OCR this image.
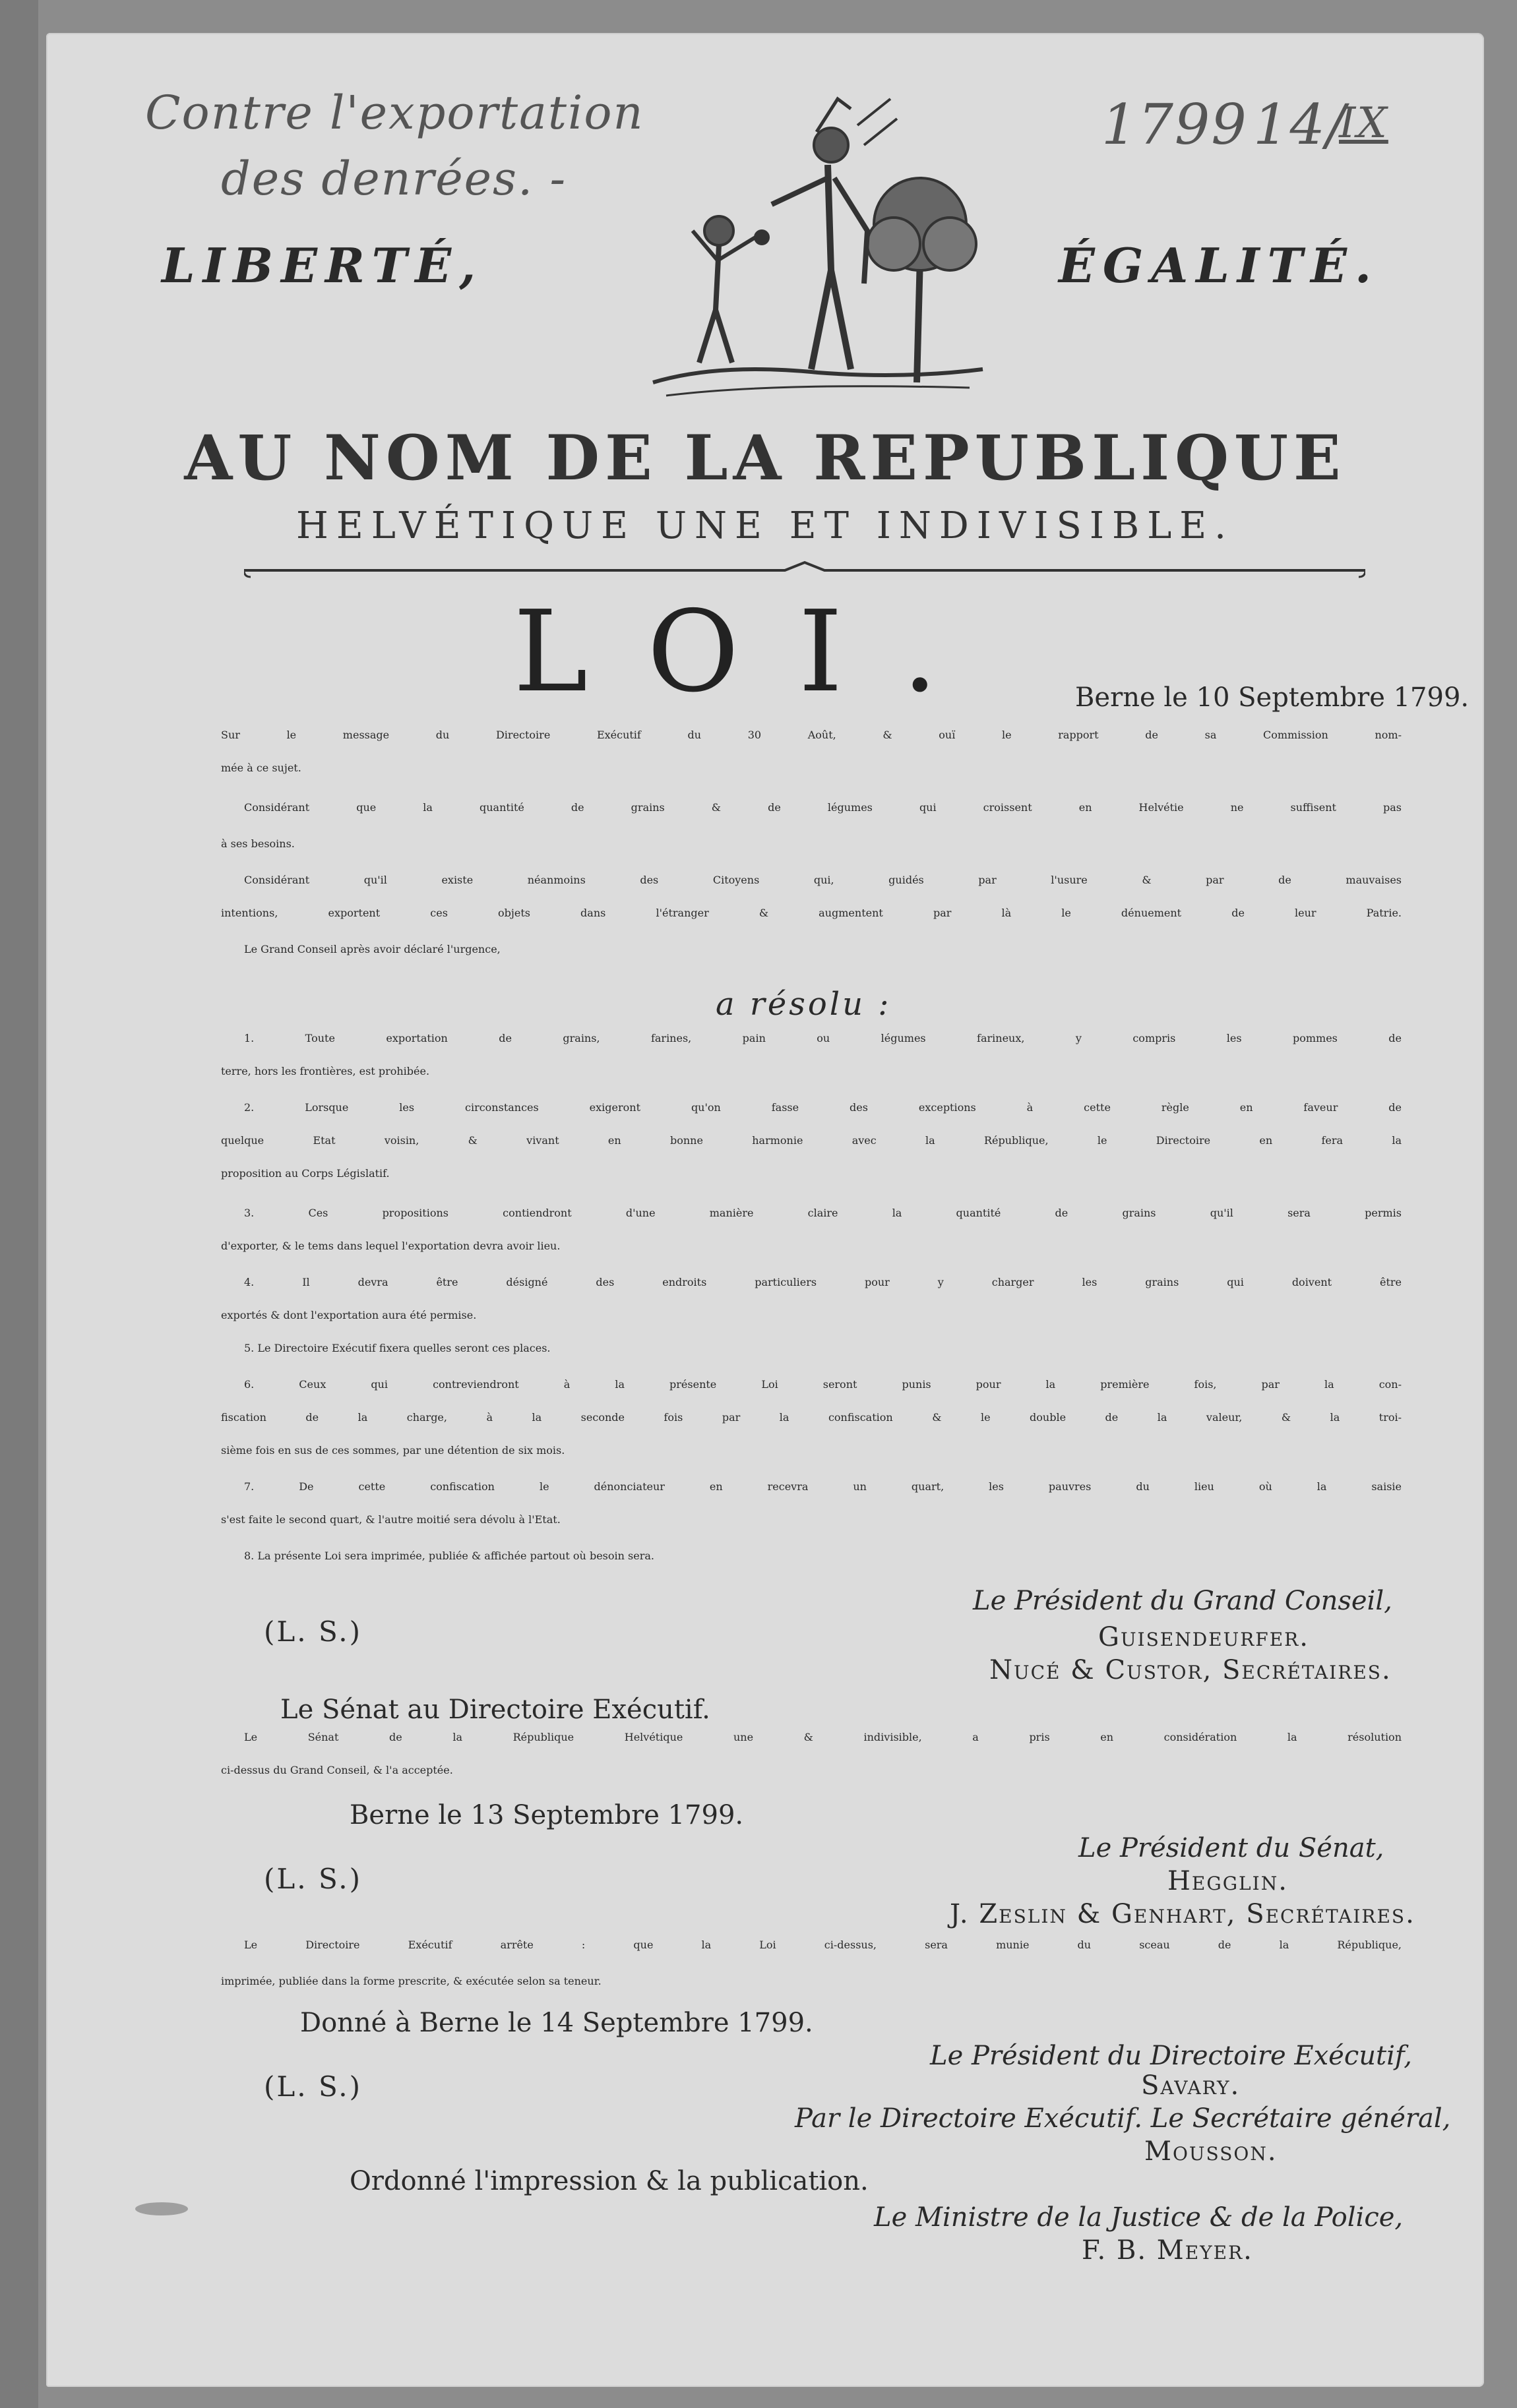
Contre l'exportation
des denrées. -
1799 14/
IX
LIBERTÉ,	ÉGALITÉ.
AU NOM DE LA REPUBLIQUE
HELVÉTIQUE UNE ET INDIVISIBLE.
LOI.	Berne le 10 Septembre 1799.
Sur le message du Directoire Exécutif du 30 Août, & ouï le rapport de sa Commission nom-
mée à ce sujet.
Considérant que la quantité de grains & de légumes qui croissent en Helvétie ne suffisent pas
à ses besoins.
Considérant qu'il existe néanmoins des Citoyens qui, guidés par l'usure & par de mauvaises
intentions, exportent ces objets dans l'étranger & augmentent par là le dénuement de leur Patrie.
Le Grand Conseil après avoir déclaré l'urgence,
a résolu :
1. Toute exportation de grains, farines, pain ou légumes farineux, y compris les pommes de
terre, hors les frontières, est prohibée.
2. Lorsque les circonstances exigeront qu'on fasse des exceptions à cette règle en faveur de
quelque Etat voisin, & vivant en bonne harmonie avec la République, le Directoire en fera la
proposition au Corps Législatif.
3. Ces propositions contiendront d'une manière claire la quantité de grains qu'il sera permis
d'exporter, & le tems dans lequel l'exportation devra avoir lieu.
4. Il devra être désigné des endroits particuliers pour y charger les grains qui doivent être
exportés & dont l'exportation aura été permise.
5. Le Directoire Exécutif fixera quelles seront ces places.
6. Ceux qui contreviendront à la présente Loi seront punis pour la première fois, par la con-
fiscation de la charge, à la seconde fois par la confiscation & le double de la valeur, & la troi-
sième fois en sus de ces sommes, par une détention de six mois.
7. De cette confiscation le dénonciateur en recevra un quart, les pauvres du lieu où la saisie
s'est faite le second quart, & l'autre moitié sera dévolu à l'Etat.
8. La présente Loi sera imprimée, publiée & affichée partout où besoin sera.
Le Président du Grand Conseil,
Guisendeurfer.
(L. S.)
Nucé & Custor, Secrétaires.
Le Sénat au Directoire Exécutif.
Le Sénat de la République Helvétique une & indivisible, a pris en considération la résolution
ci-dessus du Grand Conseil, & l'a acceptée.
Berne le 13 Septembre 1799.
Le Président du Sénat,
Hegglin.
(L. S.)
J. Zeslin & Genhart, Secrétaires.
Le Directoire Exécutif arrête : que la Loi ci-dessus, sera munie du sceau de la République,
imprimée, publiée dans la forme prescrite, & exécutée selon sa teneur.
Donné à Berne le 14 Septembre 1799.
Le Président du Directoire Exécutif,
Savary.
(L. S.)
Par le Directoire Exécutif. Le Secrétaire général,
Mousson.
Ordonné l'impression & la publication.
Le Ministre de la Justice & de la Police,
F. B. Meyer.
